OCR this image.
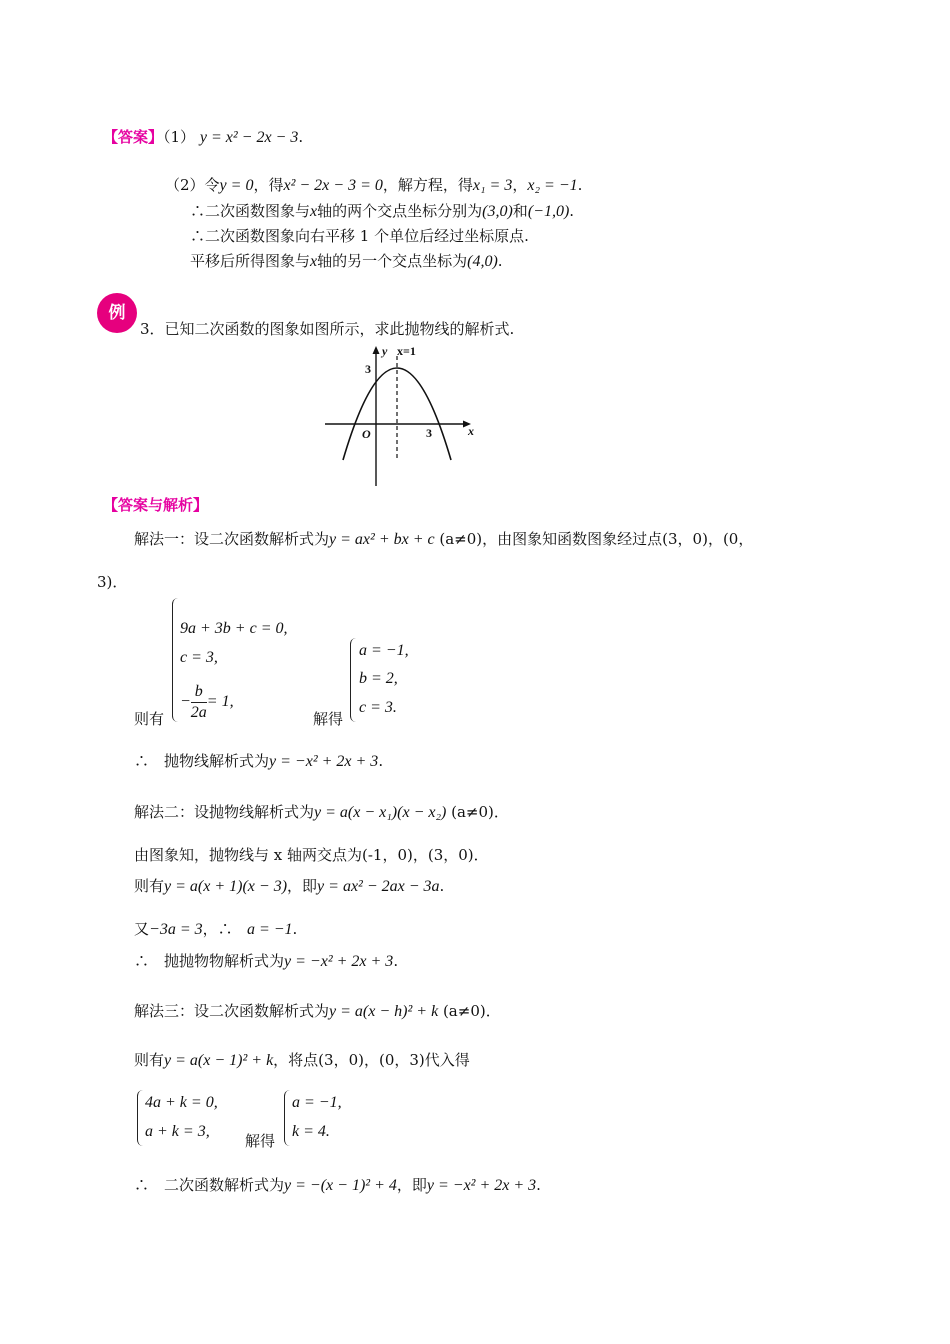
【答案】（1） y = x² − 2x − 3.
（2）令y = 0，得x² − 2x − 3 = 0，解方程，得x₁ = 3，x₂ = −1.
∴二次函数图象与x轴的两个交点坐标分别为(3,0)和(−1,0).
∴二次函数图象向右平移 1 个单位后经过坐标原点.
平移后所得图象与x轴的另一个交点坐标为(4,0).
例
3．已知二次函数的图象如图所示，求此抛物线的解析式.
y x=1
3
O	3	x
【答案与解析】
解法一：设二次函数解析式为y = ax² + bx + c (a≠0)，由图象知函数图象经过点(3，0)，(0，
3)．
9a + 3b + c = 0,
c = 3,
− $\frac{b}{2a} = 1$,
则有	解得
a = −1,
b = 2,
c = 3.
∴　抛物线解析式为y = −x² + 2x + 3.
解法二：设抛物线解析式为y = a(x − x₁)(x − x₂) (a≠0)．
由图象知，抛物线与 x 轴两交点为(-1，0)，(3，0)．
则有y = a(x + 1)(x − 3)，即y = ax² − 2ax − 3a.
又−3a = 3，∴ a = −1.
∴　抛抛物物解析式为y = −x² + 2x + 3.
解法三：设二次函数解析式为y = a(x − h)² + k (a≠0)．
则有y = a(x − 1)² + k，将点(3，0)，(0，3)代入得
4a + k = 0,
a + k = 3,
解得
a = −1,
k = 4.
∴　二次函数解析式为y = −(x − 1)² + 4，即y = −x² + 2x + 3.
